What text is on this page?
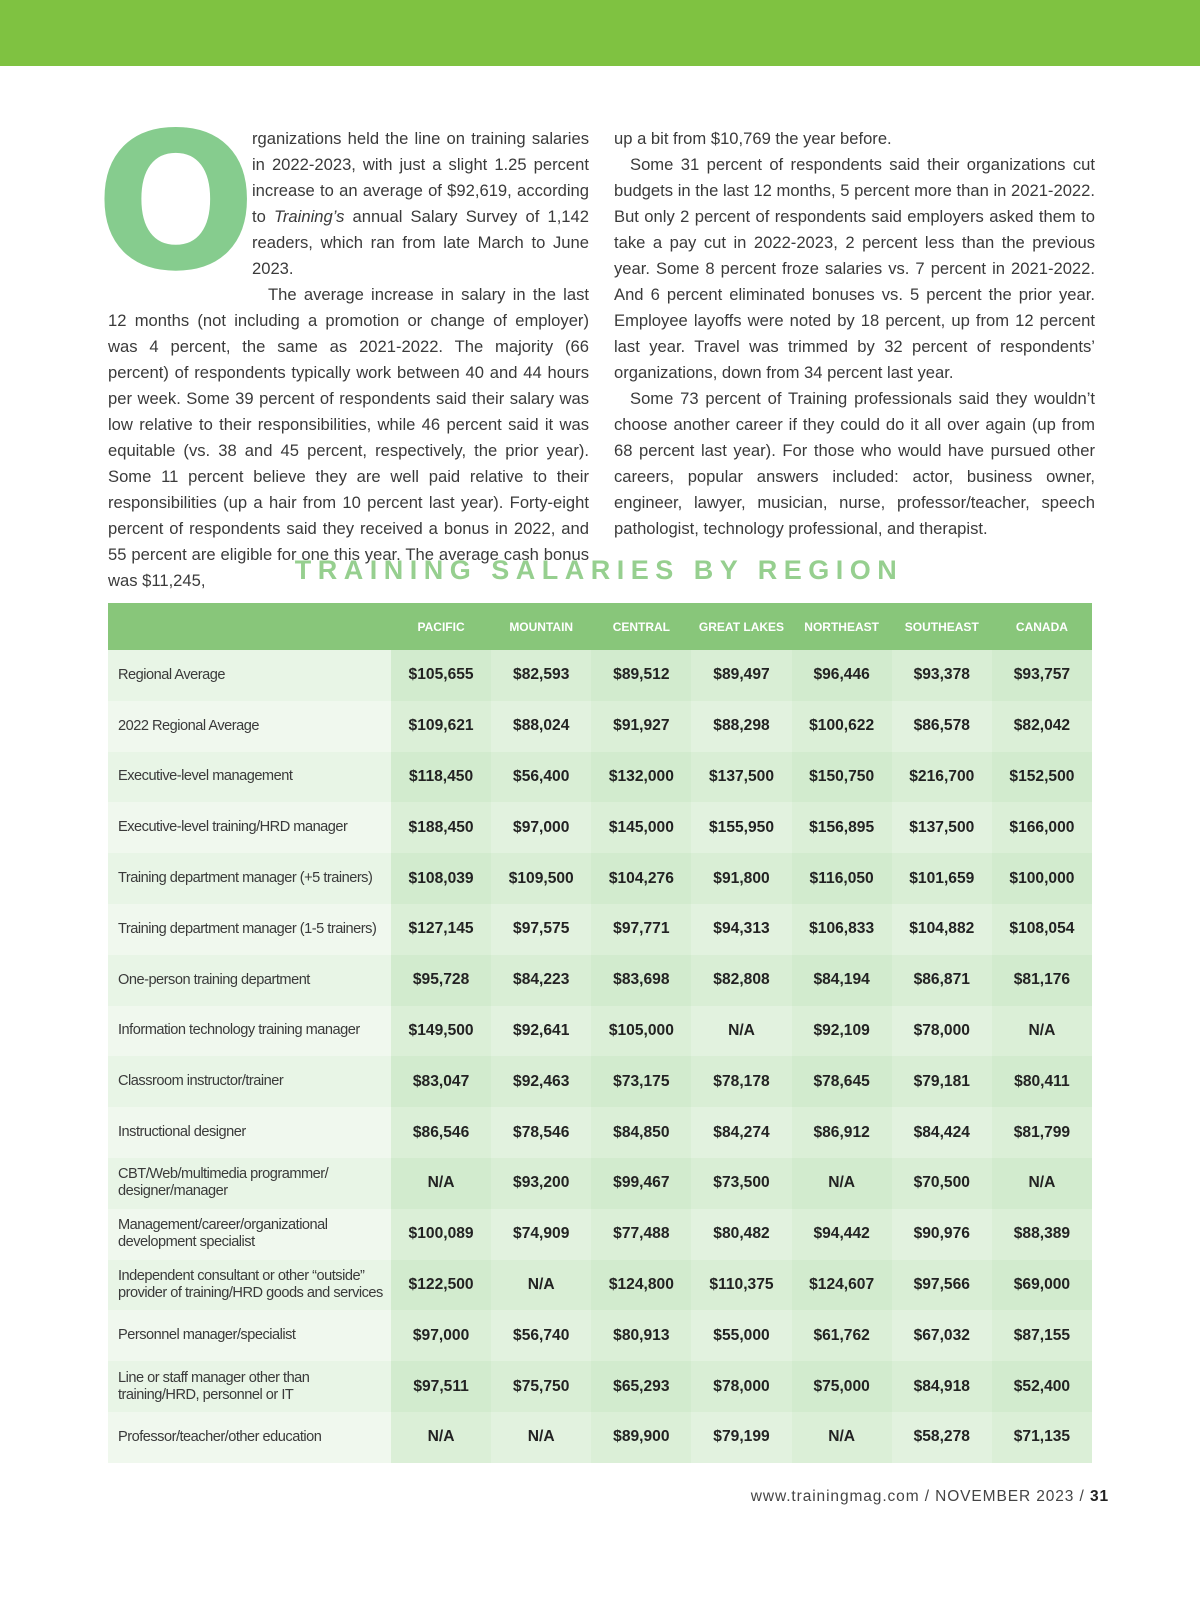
O rganizations held the line on training salaries in 2022-2023, with just a slight 1.25 percent increase to an average of $92,619, according to Training’s annual Salary Survey of 1,142 readers, which ran from late March to June 2023.

The average increase in salary in the last 12 months (not including a promotion or change of employer) was 4 percent, the same as 2021-2022. The majority (66 percent) of respondents typically work between 40 and 44 hours per week. Some 39 percent of respondents said their salary was low relative to their responsibilities, while 46 percent said it was equitable (vs. 38 and 45 percent, respectively, the prior year). Some 11 percent believe they are well paid relative to their responsibilities (up a hair from 10 percent last year). Forty-eight percent of respondents said they received a bonus in 2022, and 55 percent are eligible for one this year. The average cash bonus was $11,245,

up a bit from $10,769 the year before.

Some 31 percent of respondents said their organizations cut budgets in the last 12 months, 5 percent more than in 2021-2022. But only 2 percent of respondents said employers asked them to take a pay cut in 2022-2023, 2 percent less than the previous year. Some 8 percent froze salaries vs. 7 percent in 2021-2022. And 6 percent eliminated bonuses vs. 5 percent the prior year. Employee layoffs were noted by 18 percent, up from 12 percent last year. Travel was trimmed by 32 percent of respondents’ organizations, down from 34 percent last year.

Some 73 percent of Training professionals said they wouldn’t choose another career if they could do it all over again (up from 68 percent last year). For those who would have pursued other careers, popular answers included: actor, business owner, engineer, lawyer, musician, nurse, professor/teacher, speech pathologist, technology professional, and therapist.

TRAINING SALARIES BY REGION
	PACIFIC	MOUNTAIN	CENTRAL	GREAT LAKES	NORTHEAST	SOUTHEAST	CANADA
Regional Average	$105,655	$82,593	$89,512	$89,497	$96,446	$93,378	$93,757
2022 Regional Average	$109,621	$88,024	$91,927	$88,298	$100,622	$86,578	$82,042
Executive-level management	$118,450	$56,400	$132,000	$137,500	$150,750	$216,700	$152,500
Executive-level training/HRD manager	$188,450	$97,000	$145,000	$155,950	$156,895	$137,500	$166,000
Training department manager (+5 trainers)	$108,039	$109,500	$104,276	$91,800	$116,050	$101,659	$100,000
Training department manager (1-5 trainers)	$127,145	$97,575	$97,771	$94,313	$106,833	$104,882	$108,054
One-person training department	$95,728	$84,223	$83,698	$82,808	$84,194	$86,871	$81,176
Information technology training manager	$149,500	$92,641	$105,000	N/A	$92,109	$78,000	N/A
Classroom instructor/trainer	$83,047	$92,463	$73,175	$78,178	$78,645	$79,181	$80,411
Instructional designer	$86,546	$78,546	$84,850	$84,274	$86,912	$84,424	$81,799
CBT/Web/multimedia programmer/ designer/manager	N/A	$93,200	$99,467	$73,500	N/A	$70,500	N/A
Management/career/organizational development specialist	$100,089	$74,909	$77,488	$80,482	$94,442	$90,976	$88,389
Independent consultant or other “outside” provider of training/HRD goods and services	$122,500	N/A	$124,800	$110,375	$124,607	$97,566	$69,000
Personnel manager/specialist	$97,000	$56,740	$80,913	$55,000	$61,762	$67,032	$87,155
Line or staff manager other than training/HRD, personnel or IT	$97,511	$75,750	$65,293	$78,000	$75,000	$84,918	$52,400
Professor/teacher/other education	N/A	N/A	$89,900	$79,199	N/A	$58,278	$71,135
www.trainingmag.com / NOVEMBER 2023 / 31
